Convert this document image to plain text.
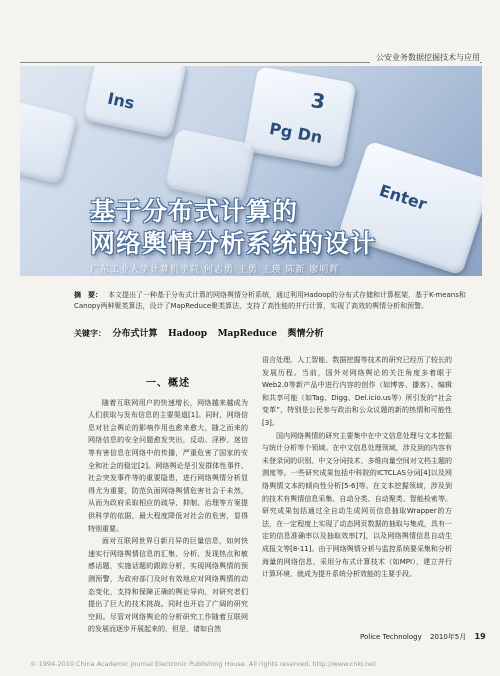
公安业务数据挖掘技术与应用
Ins	3
Pg Dn
Enter
基于分布式计算的
网络舆情分析系统的设计
广东工业大学计算机学院 何志勇 王勇 王瑛 陈新 廖明辉
摘　要： 本文提出了一种基于分布式计算的网络舆情分析系统，通过利用Hadoop的分布式存储和计算框架，基于K-means和Canopy两种聚类算法，设计了MapReduce聚类算法，支持了高性能的并行计算，实现了高效的舆情分析和预警。
关键字： 分布式计算 Hadoop MapReduce 舆情分析
一、概述

随着互联网用户的快速增长，网络越来越成为人们获取与发布信息的主要渠道[1]。同时，网络信息对社会舆论的影响作用也愈来愈大，随之而来的网络信息的安全问题愈发突出，反动、淫秽、迷信等有害信息在网络中的传播，严重危害了国家的安全和社会的稳定[2]。网络舆论是引发群体性事件、社会突发事件等的重要隐患，进行网络舆情分析显得尤为重要，防范负面网络舆情危害社会于未然，从而为政府采取相应的疏导、抑制、治理等方案提供科学的依据，最大程度降低对社会的危害，显得特别重要。

面对互联网世界日新月异的巨量信息，如何快速实行网络舆情信息的汇集、分析、发现热点和敏感话题，实施话题的跟踪分析，实现网络舆情的预测预警，为政府部门及时有效地应对网络舆情的动态变化，支持和保障正确的舆论导向，对研究者们提出了巨大的技术挑战。同时也开启了广阔的研究空间。尽管对网络舆论的分析研究工作随着互联网的发展而逐步开展起来的，但是，诸如自然

语言处理、人工智能、数据挖掘等技术的研究已经历了较长的发展历程。当前，国外对网络舆论的关注角度多着眼于Web2.0等新产品中进行内容的创作（如博客、播客）、编辑和共享可能（如Tag、Digg、Del.icio.us等）所引发的“社会变革”，特别是公民参与政治和公众议题的新的热情和可能性[3]。

国内网络舆情的研究主要集中在中文信息处理与文本挖掘与统计分析等个领域。在中文信息处理领域，涉及到的内容有未登录词的识别、中文分词技术、多维向量空间对文档主题的测度等。一些研究成果包括中科院的ICTCLAS分词[4]以及网络舆情文本的倾向性分析[5-6]等。在文本挖掘领域，涉及到的技术有舆情信息采集、自动分类、自动聚类、智能检索等。研究成果包括通过全自动生成网页信息抽取Wrapper的方法，在一定程度上实现了动态网页数据的抽取与集成，具有一定的信息准确率以及抽取效率[7]，以及网络舆情信息自动生成报文等[8-11]。由于网络舆情分析与监控系统要采集和分析海量的网络信息，采用分布式计算技术（如MPI），建立并行计算环境，就成为提升系统分析效能的主要手段。

Police Technology 2010年5月 19
© 1994-2010 China Academic Journal Electronic Publishing House. All rights reserved. http://www.cnki.net
